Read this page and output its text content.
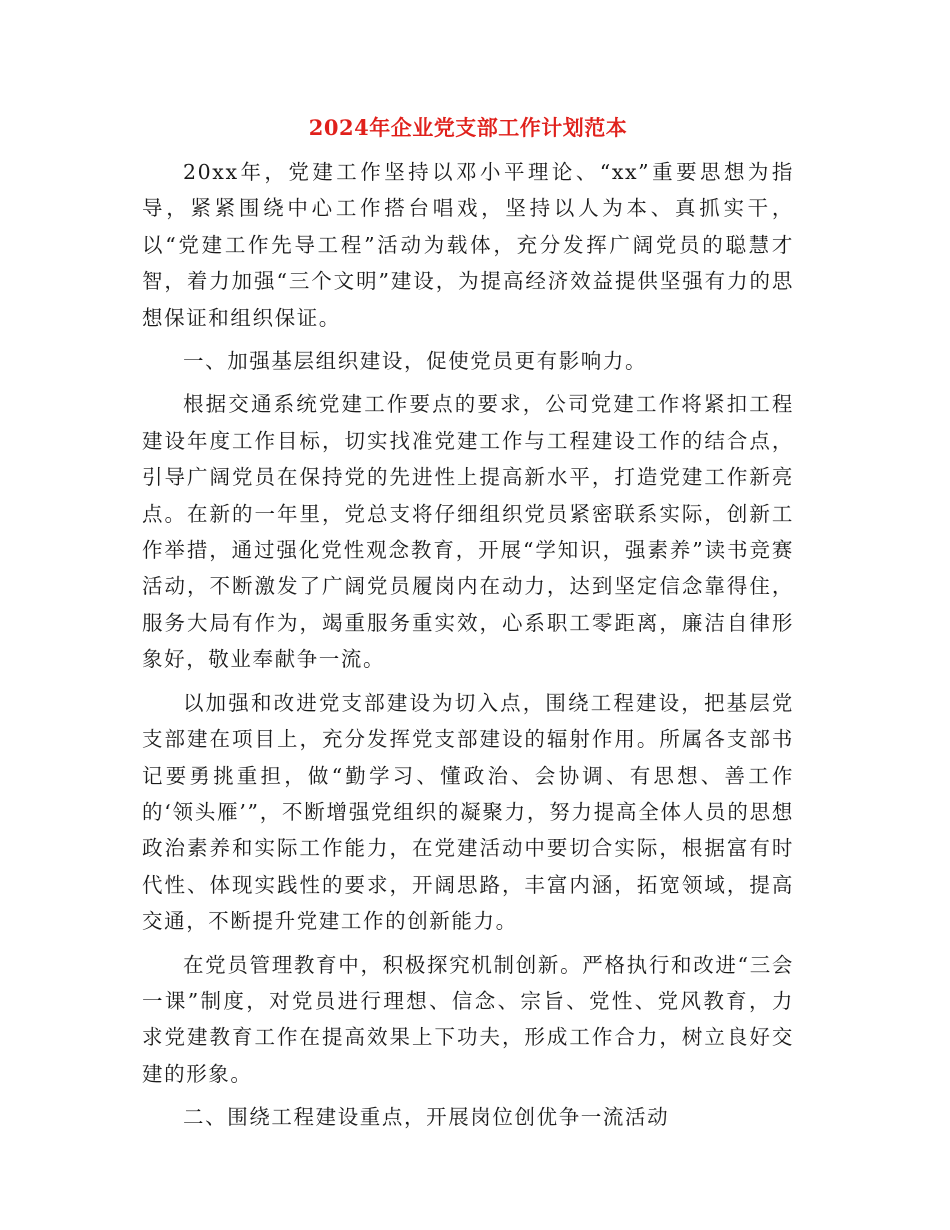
2024年企业党支部工作计划范本

20xx年，党建工作坚持以邓小平理论、“xx”重要思想为指导，紧紧围绕中心工作搭台唱戏，坚持以人为本、真抓实干，以“党建工作先导工程”活动为载体，充分发挥广阔党员的聪慧才智，着力加强“三个文明”建设，为提高经济效益提供坚强有力的思想保证和组织保证。

一、加强基层组织建设，促使党员更有影响力。

根据交通系统党建工作要点的要求，公司党建工作将紧扣工程建设年度工作目标，切实找准党建工作与工程建设工作的结合点，引导广阔党员在保持党的先进性上提高新水平，打造党建工作新亮点。在新的一年里，党总支将仔细组织党员紧密联系实际，创新工作举措，通过强化党性观念教育，开展“学知识，强素养”读书竞赛活动，不断激发了广阔党员履岗内在动力，达到坚定信念靠得住，服务大局有作为，竭重服务重实效，心系职工零距离，廉洁自律形象好，敬业奉献争一流。

以加强和改进党支部建设为切入点，围绕工程建设，把基层党支部建在项目上，充分发挥党支部建设的辐射作用。所属各支部书记要勇挑重担，做“勤学习、懂政治、会协调、有思想、善工作的‘领头雁’”，不断增强党组织的凝聚力，努力提高全体人员的思想政治素养和实际工作能力，在党建活动中要切合实际，根据富有时代性、体现实践性的要求，开阔思路，丰富内涵，拓宽领域，提高交通，不断提升党建工作的创新能力。

在党员管理教育中，积极探究机制创新。严格执行和改进“三会一课”制度，对党员进行理想、信念、宗旨、党性、党风教育，力求党建教育工作在提高效果上下功夫，形成工作合力，树立良好交建的形象。

二、围绕工程建设重点，开展岗位创优争一流活动
